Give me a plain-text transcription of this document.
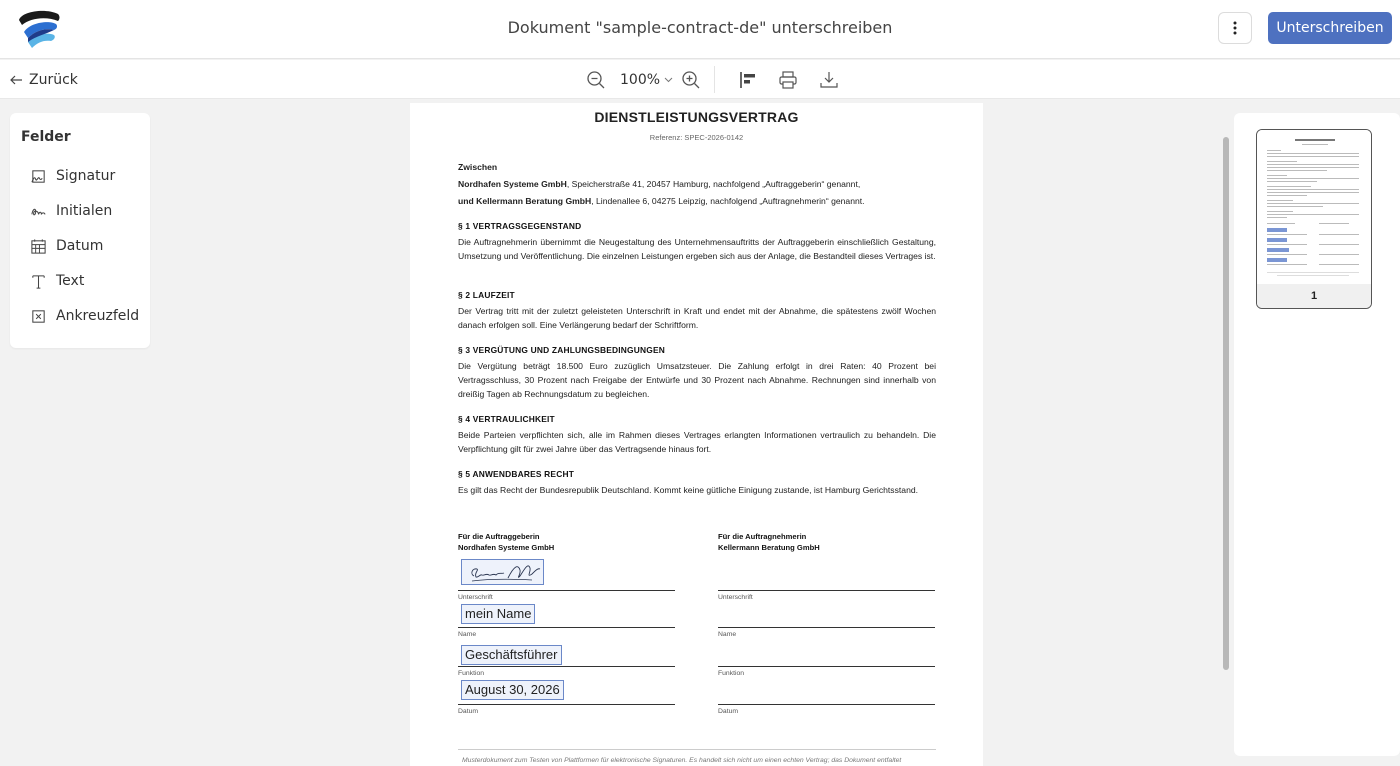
Dokument "sample-contract-de" unterschreiben	Unterschreiben
Zurück	100%
Felder
Signatur
Initialen
Datum
Text
Ankreuzfeld
DIENSTLEISTUNGSVERTRAG
Referenz: SPEC-2026-0142
Zwischen
Nordhafen Systeme GmbH, Speicherstraße 41, 20457 Hamburg, nachfolgend „Auftraggeberin“ genannt,
und Kellermann Beratung GmbH, Lindenallee 6, 04275 Leipzig, nachfolgend „Auftragnehmerin“ genannt.
§ 1 VERTRAGSGEGENSTAND
Die Auftragnehmerin übernimmt die Neugestaltung des Unternehmensauftritts der Auftraggeberin einschließlich Gestaltung, Umsetzung und Veröffentlichung. Die einzelnen Leistungen ergeben sich aus der Anlage, die Bestandteil dieses Vertrages ist.
§ 2 LAUFZEIT
Der Vertrag tritt mit der zuletzt geleisteten Unterschrift in Kraft und endet mit der Abnahme, die spätestens zwölf Wochen danach erfolgen soll. Eine Verlängerung bedarf der Schriftform.
§ 3 VERGÜTUNG UND ZAHLUNGSBEDINGUNGEN
Die Vergütung beträgt 18.500 Euro zuzüglich Umsatzsteuer. Die Zahlung erfolgt in drei Raten: 40 Prozent bei Vertragsschluss, 30 Prozent nach Freigabe der Entwürfe und 30 Prozent nach Abnahme. Rechnungen sind innerhalb von dreißig Tagen ab Rechnungsdatum zu begleichen.
§ 4 VERTRAULICHKEIT
Beide Parteien verpflichten sich, alle im Rahmen dieses Vertrages erlangten Informationen vertraulich zu behandeln. Die Verpflichtung gilt für zwei Jahre über das Vertragsende hinaus fort.
§ 5 ANWENDBARES RECHT
Es gilt das Recht der Bundesrepublik Deutschland. Kommt keine gütliche Einigung zustande, ist Hamburg Gerichtsstand.
Für die Auftraggeberin
Nordhafen Systeme GmbH
Unterschrift
mein Name
Name
Geschäftsführer
Funktion
August 30, 2026
Datum
Für die Auftragnehmerin
Kellermann Beratung GmbH
Unterschrift
Name
Funktion
Datum
Musterdokument zum Testen von Plattformen für elektronische Signaturen. Es handelt sich nicht um einen echten Vertrag; das Dokument entfaltet
1
